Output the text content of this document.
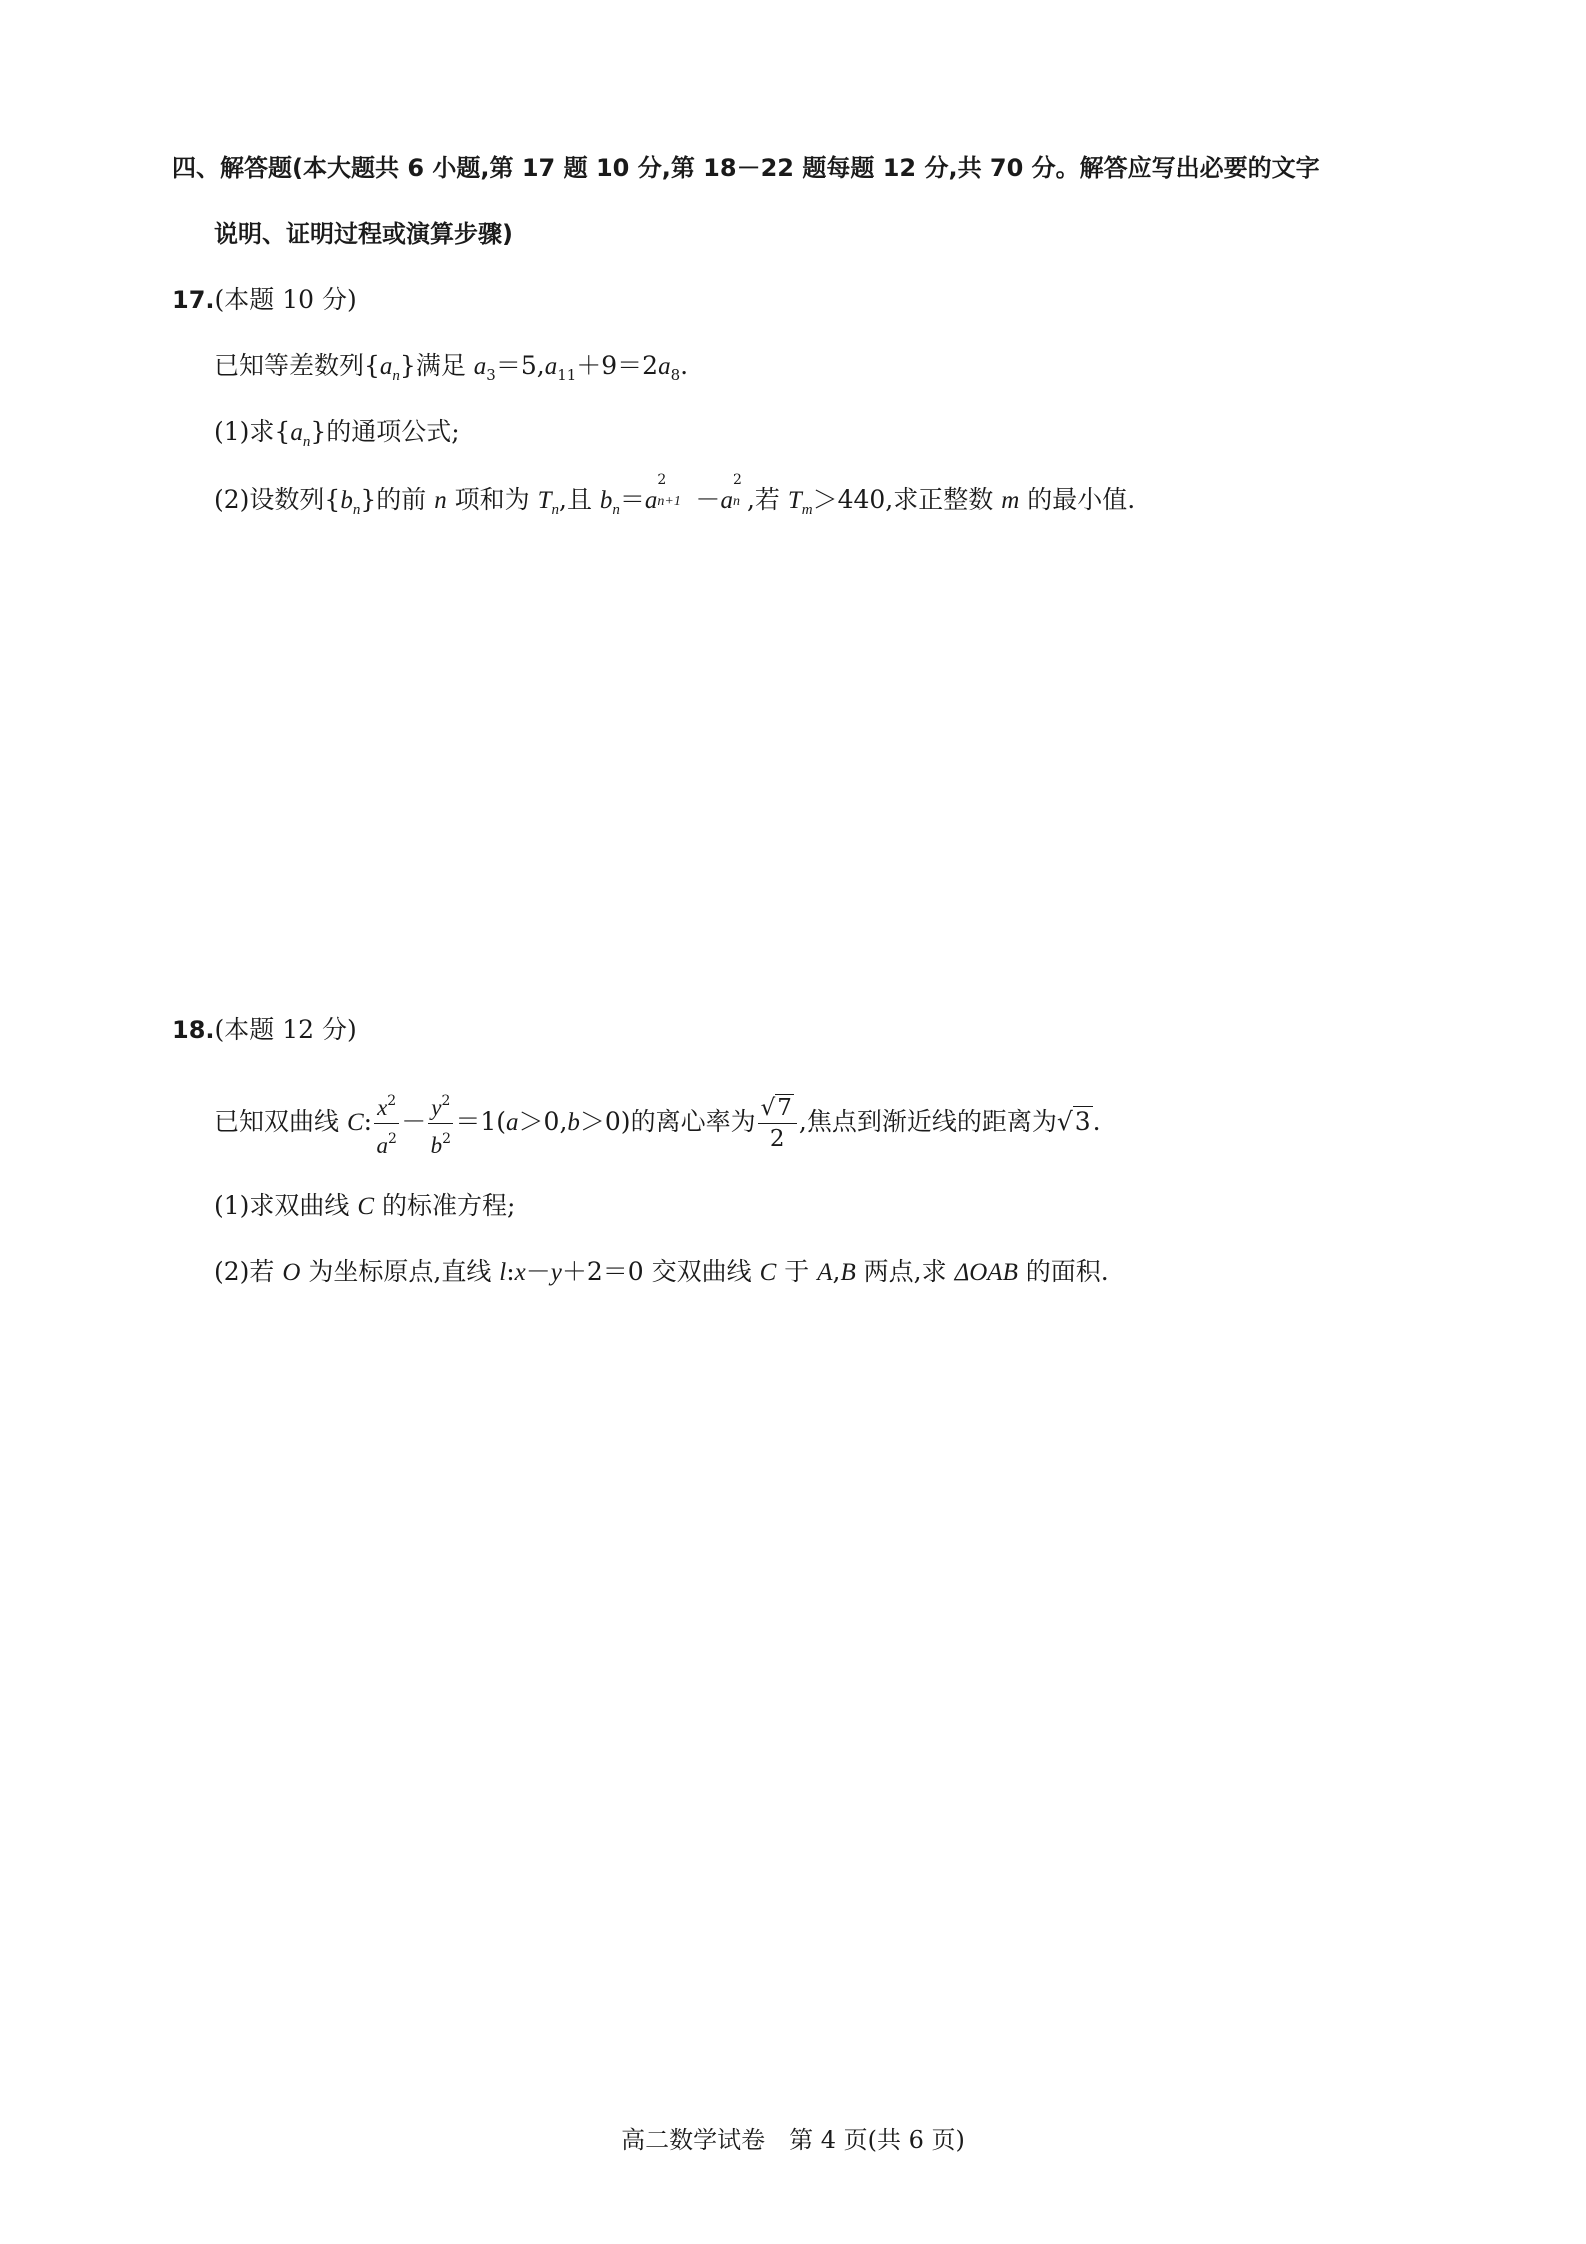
四、解答题(本大题共 6 小题,第 17 题 10 分,第 18－22 题每题 12 分,共 70 分。解答应写出必要的文字
说明、证明过程或演算步骤)
17.(本题 10 分)
已知等差数列$\{a_n\}$满足 $a_3=5,a_{11}+9=2a_8$.
(1)求$\{a_n\}$的通项公式;
(2)设数列$\{b_n\}$的前 n 项和为 $T_n$,且 $b_n=a$
2
n+1 －a
2
n ,若 $T_m>440$,求正整数 m 的最小值.
18.(本题 12 分)
已知双曲线 C: $\frac{x^2}{a^2} - \frac{y^2}{b^2} =1(a>0,b>0)$的离心率为 $\frac{√7}{2}$ ,焦点到渐近线的距离为√3.
(1)求双曲线 C 的标准方程;
(2)若 O 为坐标原点,直线 l:x－y＋2＝0 交双曲线 C 于 A,B 两点,求 ΔOAB 的面积.
高二数学试卷　第 4 页(共 6 页)
